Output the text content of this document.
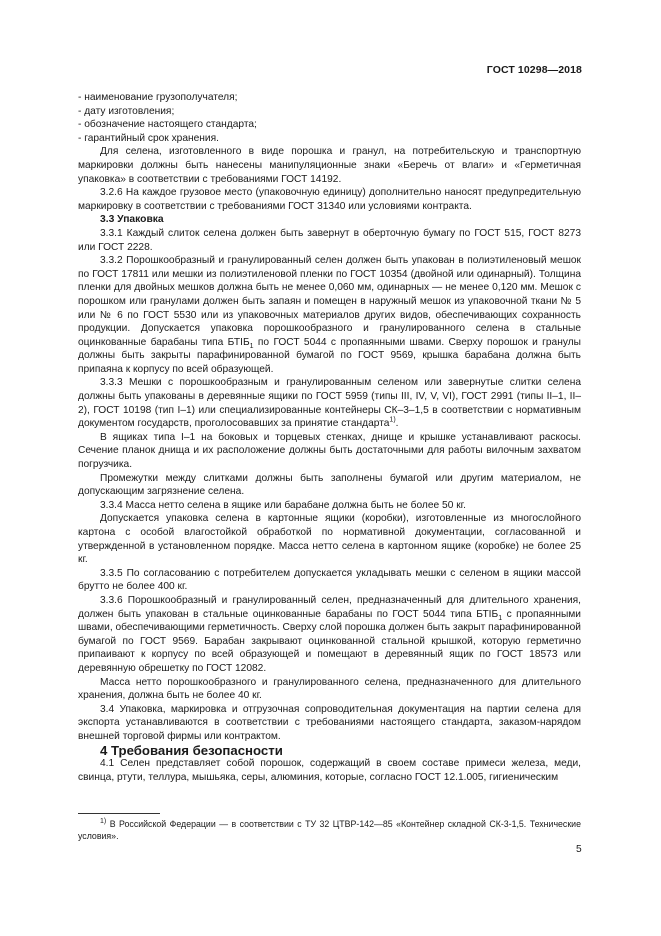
ГОСТ 10298—2018

- наименование грузополучателя;

- дату изготовления;

- обозначение настоящего стандарта;

- гарантийный срок хранения.

Для селена, изготовленного в виде порошка и гранул, на потребительскую и транспортную маркировки должны быть нанесены манипуляционные знаки «Беречь от влаги» и «Герметичная упаковка» в соответствии с требованиями ГОСТ 14192.

3.2.6 На каждое грузовое место (упаковочную единицу) дополнительно наносят предупредительную маркировку в соответствии с требованиями ГОСТ 31340 или условиями контракта.

3.3 Упаковка

3.3.1 Каждый слиток селена должен быть завернут в оберточную бумагу по ГОСТ 515, ГОСТ 8273 или ГОСТ 2228.

3.3.2 Порошкообразный и гранулированный селен должен быть упакован в полиэтиленовый мешок по ГОСТ 17811 или мешки из полиэтиленовой пленки по ГОСТ 10354 (двойной или одинарный). Толщина пленки для двойных мешков должна быть не менее 0,060 мм, одинарных — не менее 0,120 мм. Мешок с порошком или гранулами должен быть запаян и помещен в наружный мешок из упаковочной ткани № 5 или № 6 по ГОСТ 5530 или из упаковочных материалов других видов, обеспечивающих сохранность продукции. Допускается упаковка порошкообразного и гранулированного селена в стальные оцинкованные барабаны типа $БТІБ_1$ по ГОСТ 5044 с пропаянными швами. Сверху порошок и гранулы должны быть закрыты парафинированной бумагой по ГОСТ 9569, крышка барабана должна быть припаяна к корпусу по всей образующей.

3.3.3 Мешки с порошкообразным и гранулированным селеном или завернутые слитки селена должны быть упакованы в деревянные ящики по ГОСТ 5959 (типы III, IV, V, VI), ГОСТ 2991 (типы II–1, II–2), ГОСТ 10198 (тип I–1) или специализированные контейнеры СК–3–1,5 в соответствии с нормативным документом государств, проголосовавших за принятие стандарта$^{1)}$.

В ящиках типа I–1 на боковых и торцевых стенках, днище и крышке устанавливают раскосы. Сечение планок днища и их расположение должны быть достаточными для работы вилочным захватом погрузчика.

Промежутки между слитками должны быть заполнены бумагой или другим материалом, не допускающим загрязнение селена.

3.3.4 Масса нетто селена в ящике или барабане должна быть не более 50 кг.

Допускается упаковка селена в картонные ящики (коробки), изготовленные из многослойного картона с особой влагостойкой обработкой по нормативной документации, согласованной и утвержденной в установленном порядке. Масса нетто селена в картонном ящике (коробке) не более 25 кг.

3.3.5 По согласованию с потребителем допускается укладывать мешки с селеном в ящики массой брутто не более 400 кг.

3.3.6 Порошкообразный и гранулированный селен, предназначенный для длительного хранения, должен быть упакован в стальные оцинкованные барабаны по ГОСТ 5044 типа $БТІБ_1$ с пропаянными швами, обеспечивающими герметичность. Сверху слой порошка должен быть закрыт парафинированной бумагой по ГОСТ 9569. Барабан закрывают оцинкованной стальной крышкой, которую герметично припаивают к корпусу по всей образующей и помещают в деревянный ящик по ГОСТ 18573 или деревянную обрешетку по ГОСТ 12082.

Масса нетто порошкообразного и гранулированного селена, предназначенного для длительного хранения, должна быть не более 40 кг.

3.4 Упаковка, маркировка и отгрузочная сопроводительная документация на партии селена для экспорта устанавливаются в соответствии с требованиями настоящего стандарта, заказом-нарядом внешней торговой фирмы или контрактом.

4 Требования безопасности

4.1 Селен представляет собой порошок, содержащий в своем составе примеси железа, меди, свинца, ртути, теллура, мышьяка, серы, алюминия, которые, согласно ГОСТ 12.1.005, гигиеническим

$^{1)}$ В Российской Федерации — в соответствии с ТУ 32 ЦТВР-142—85 «Контейнер складной СК-3-1,5. Технические условия».

5
